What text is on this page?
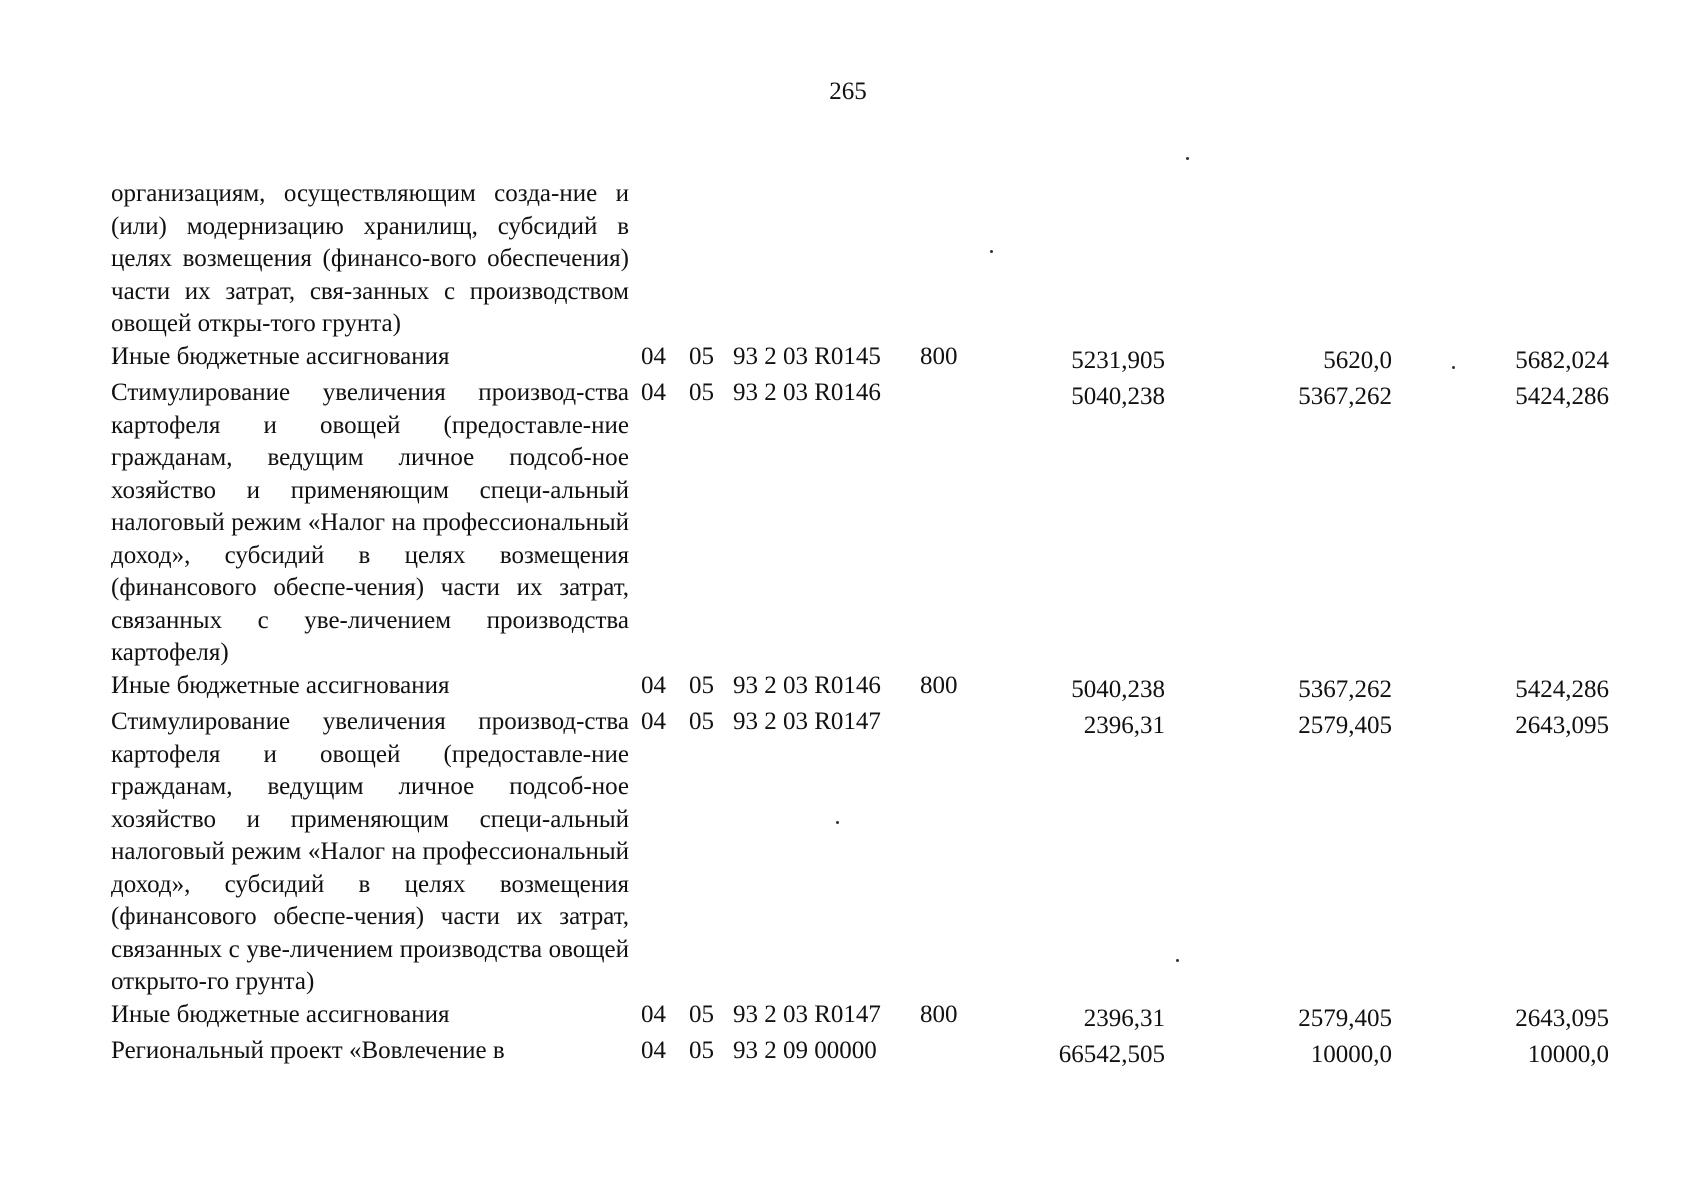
265
организациям, осуществляющим созда-ние и (или) модернизацию хранилищ, субсидий в целях возмещения (финансо-вого обеспечения) части их затрат, свя-занных с производством овощей откры-того грунта)							
Иные бюджетные ассигнования	04	05	93 2 03 R0145	800	5231,905	5620,0	5682,024
Стимулирование увеличения производ-ства картофеля и овощей (предоставле-ние гражданам, ведущим личное подсоб-ное хозяйство и применяющим специ-альный налоговый режим «Налог на профессиональный доход», субсидий в целях возмещения (финансового обеспе-чения) части их затрат, связанных с уве-личением производства картофеля)	04	05	93 2 03 R0146		5040,238	5367,262	5424,286
Иные бюджетные ассигнования	04	05	93 2 03 R0146	800	5040,238	5367,262	5424,286
Стимулирование увеличения производ-ства картофеля и овощей (предоставле-ние гражданам, ведущим личное подсоб-ное хозяйство и применяющим специ-альный налоговый режим «Налог на профессиональный доход», субсидий в целях возмещения (финансового обеспе-чения) части их затрат, связанных с уве-личением производства овощей открыто-го грунта)	04	05	93 2 03 R0147		2396,31	2579,405	2643,095
Иные бюджетные ассигнования	04	05	93 2 03 R0147	800	2396,31	2579,405	2643,095
Региональный проект «Вовлечение в	04	05	93 2 09 00000		66542,505	10000,0	10000,0
